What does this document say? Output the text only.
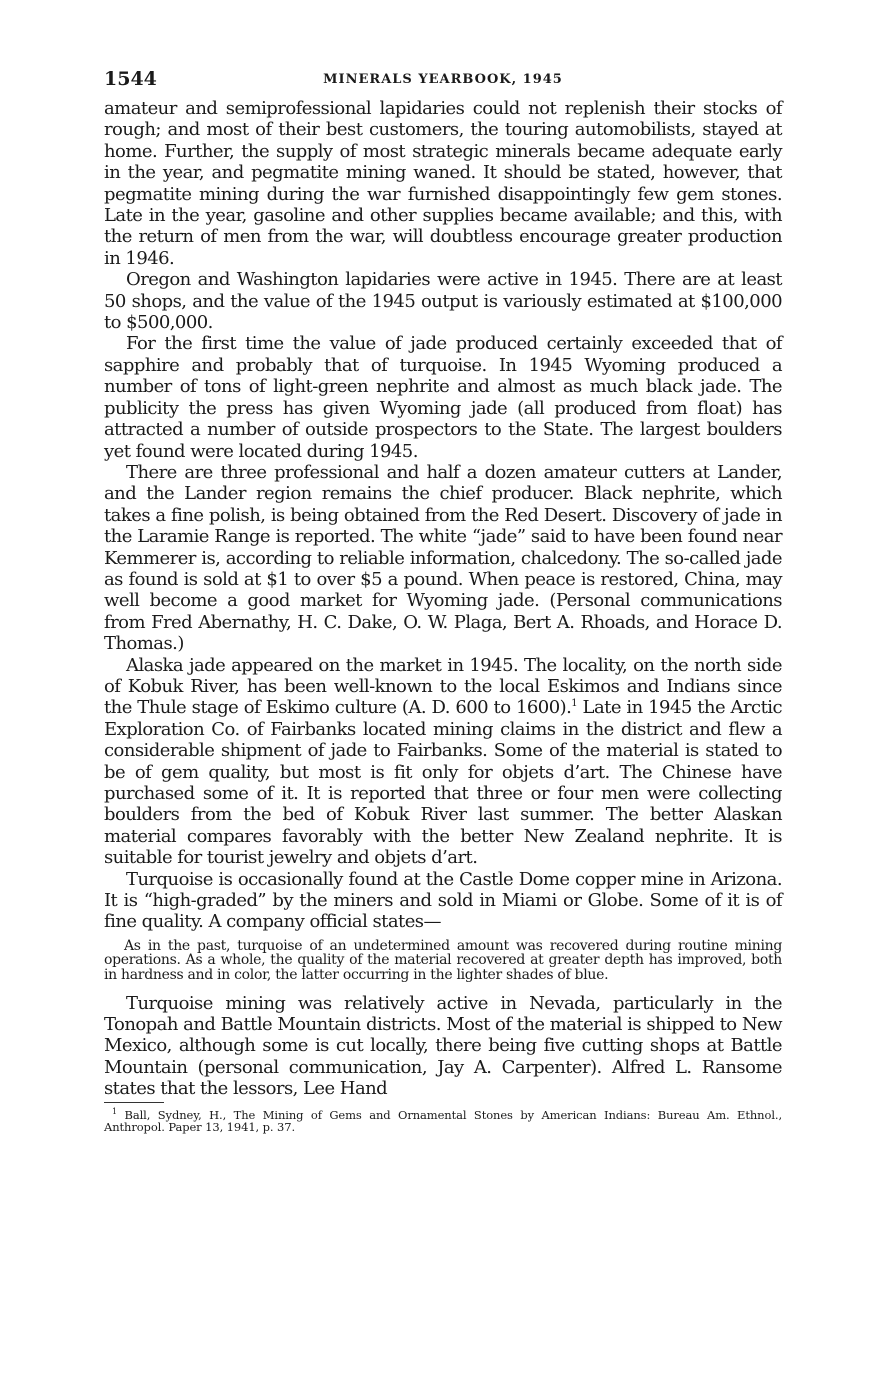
1544	MINERALS YEARBOOK, 1945

amateur and semiprofessional lapidaries could not replenish their stocks of rough; and most of their best customers, the touring automobilists, stayed at home. Further, the supply of most strategic minerals became adequate early in the year, and pegmatite mining waned. It should be stated, however, that pegmatite mining during the war furnished disappointingly few gem stones. Late in the year, gasoline and other supplies became available; and this, with the return of men from the war, will doubtless encourage greater production in 1946.

Oregon and Washington lapidaries were active in 1945. There are at least 50 shops, and the value of the 1945 output is variously estimated at $100,000 to $500,000.

For the first time the value of jade produced certainly exceeded that of sapphire and probably that of turquoise. In 1945 Wyoming produced a number of tons of light-green nephrite and almost as much black jade. The publicity the press has given Wyoming jade (all produced from float) has attracted a number of outside prospectors to the State. The largest boulders yet found were located during 1945.

There are three professional and half a dozen amateur cutters at Lander, and the Lander region remains the chief producer. Black nephrite, which takes a fine polish, is being obtained from the Red Desert. Discovery of jade in the Laramie Range is reported. The white “jade” said to have been found near Kemmerer is, according to reliable information, chalcedony. The so-called jade as found is sold at $1 to over $5 a pound. When peace is restored, China, may well become a good market for Wyoming jade. (Personal communications from Fred Abernathy, H. C. Dake, O. W. Plaga, Bert A. Rhoads, and Horace D. Thomas.)

Alaska jade appeared on the market in 1945. The locality, on the north side of Kobuk River, has been well-known to the local Eskimos and Indians since the Thule stage of Eskimo culture (A. D. 600 to 1600).$^1$ Late in 1945 the Arctic Exploration Co. of Fairbanks located mining claims in the district and flew a considerable shipment of jade to Fairbanks. Some of the material is stated to be of gem quality, but most is fit only for objets d’art. The Chinese have purchased some of it. It is reported that three or four men were collecting boulders from the bed of Kobuk River last summer. The better Alaskan material compares favorably with the better New Zealand nephrite. It is suitable for tourist jewelry and objets d’art.

Turquoise is occasionally found at the Castle Dome copper mine in Arizona. It is “high-graded” by the miners and sold in Miami or Globe. Some of it is of fine quality. A company official states—

As in the past, turquoise of an undetermined amount was recovered during routine mining operations. As a whole, the quality of the material recovered at greater depth has improved, both in hardness and in color, the latter occurring in the lighter shades of blue.

Turquoise mining was relatively active in Nevada, particularly in the Tonopah and Battle Mountain districts. Most of the material is shipped to New Mexico, although some is cut locally, there being five cutting shops at Battle Mountain (personal communication, Jay A. Carpenter). Alfred L. Ransome states that the lessors, Lee Hand

$^1$ Ball, Sydney, H., The Mining of Gems and Ornamental Stones by American Indians: Bureau Am. Ethnol., Anthropol. Paper 13, 1941, p. 37.
